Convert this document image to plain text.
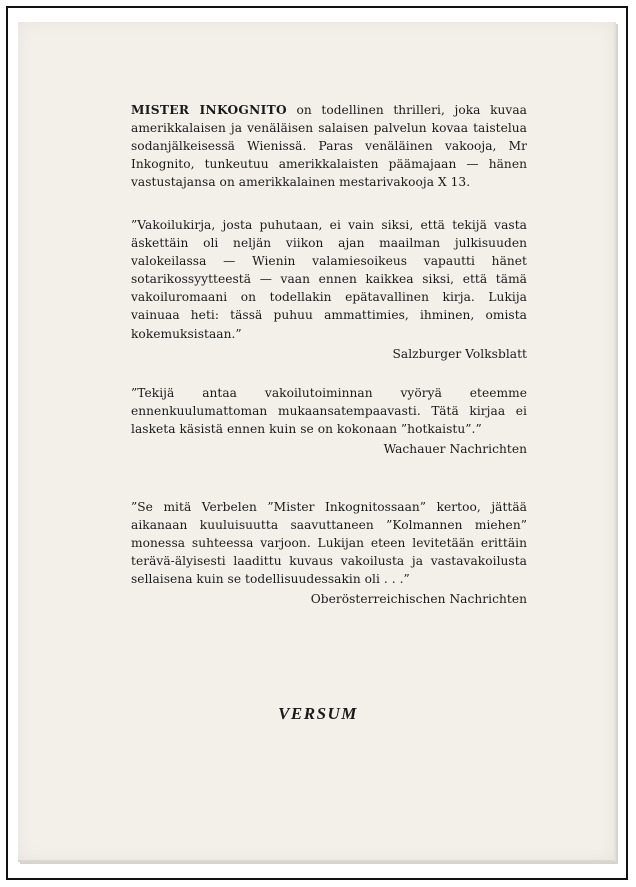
MISTER INKOGNITO on todellinen thrilleri, joka kuvaa amerikkalaisen ja venäläisen salaisen palvelun kovaa taistelua sodanjälkeisessä Wienissä. Paras venäläinen vakooja, Mr Inkognito, tunkeutuu amerikkalaisten päämajaan — hänen vastustajansa on amerikkalainen mestarivakooja X 13.

”Vakoilukirja, josta puhutaan, ei vain siksi, että tekijä vasta äskettäin oli neljän viikon ajan maailman julkisuuden valokeilassa — Wienin valamiesoikeus vapautti hänet sotarikossyytteestä — vaan ennen kaikkea siksi, että tämä vakoiluromaani on todellakin epätavallinen kirja. Lukija vainuaa heti: tässä puhuu ammattimies, ihminen, omista kokemuksistaan.”

Salzburger Volksblatt

”Tekijä antaa vakoilutoiminnan vyöryä eteemme ennenkuulumattoman mukaansatempaavasti. Tätä kirjaa ei lasketa käsistä ennen kuin se on kokonaan ”hotkaistu”.”

Wachauer Nachrichten

”Se mitä Verbelen ”Mister Inkognitossaan” kertoo, jättää aikanaan kuuluisuutta saavuttaneen ”Kolmannen miehen” monessa suhteessa varjoon. Lukijan eteen levitetään erittäin terävä-älyisesti laadittu kuvaus vakoilusta ja vastavakoilusta sellaisena kuin se todellisuudessakin oli . . .”

Oberösterreichischen Nachrichten

VERSUM
